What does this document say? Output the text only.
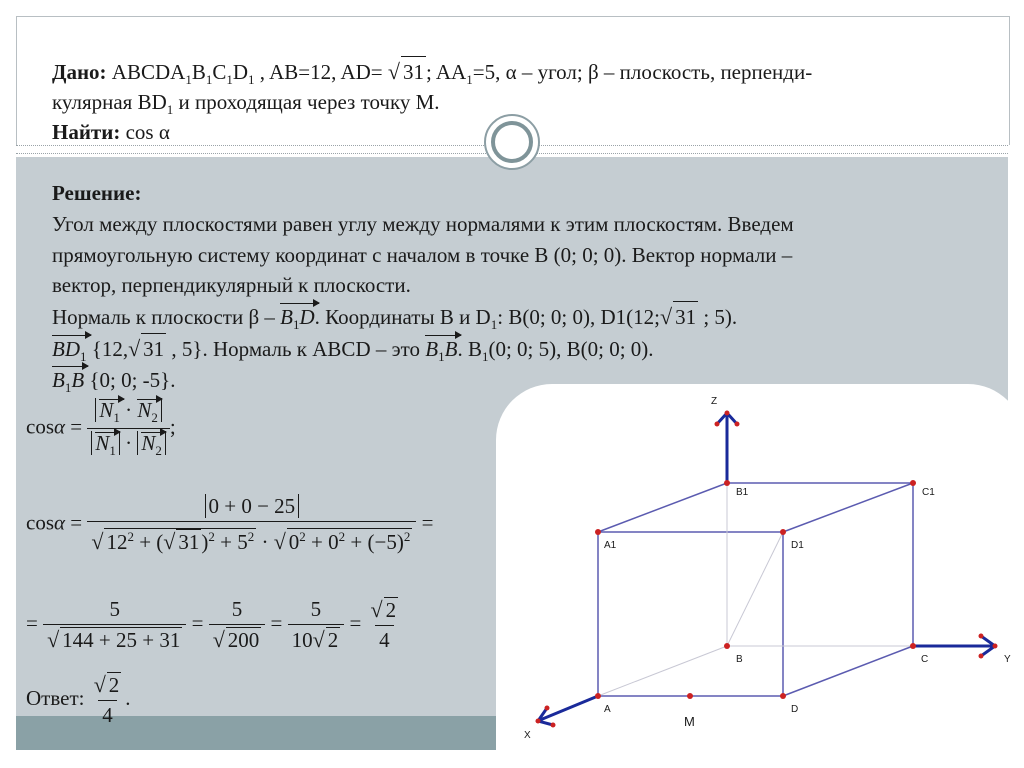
Дано: $ABCDA_1B_1C_1D_1$ , AB=12, AD= √ 31; $AA_1=5$, α – угол; β – плоскость, перпенди-
кулярная $BD_1$ и проходящая через точку М.
Найти: cos α
Решение:
Угол между плоскостями равен углу между нормалями к этим плоскостям. Введем
прямоугольную систему координат с началом в точке B (0; 0; 0). Вектор нормали –
вектор, перпендикулярный к плоскости.
Нормаль к плоскости β – $B_1D$. Координаты B и $D_1$: B(0; 0; 0), D1(12;√ 31 ; 5).
$BD_1$ {12,√ 31 , 5}. Нормаль к ABCD – это $B_1B$. $B_1(0$; 0; 5), B(0; 0; 0).
$B_1B$ {0; 0; -5}.
$\cos\alpha = \frac{N_1 \cdot N_2}{N_1 \cdot N_2}$ ;
$\cos\alpha = \frac{0 + 0 - 25}{√ 12^2 + (√ 31)^2 + 5^2 \cdot √ 0^2 + 0^2 + (-5)^2}$ =
= $\frac{5}{√ 144 + 25 + 31} = \frac{5}{√ 200} = \frac{5}{10√ 2} = \frac{√ 2}{4}$
Ответ: $\frac{√ 2}{4}$ .
Z
Y
X
B1	C1
A1	D1
B	C
A	D
М
